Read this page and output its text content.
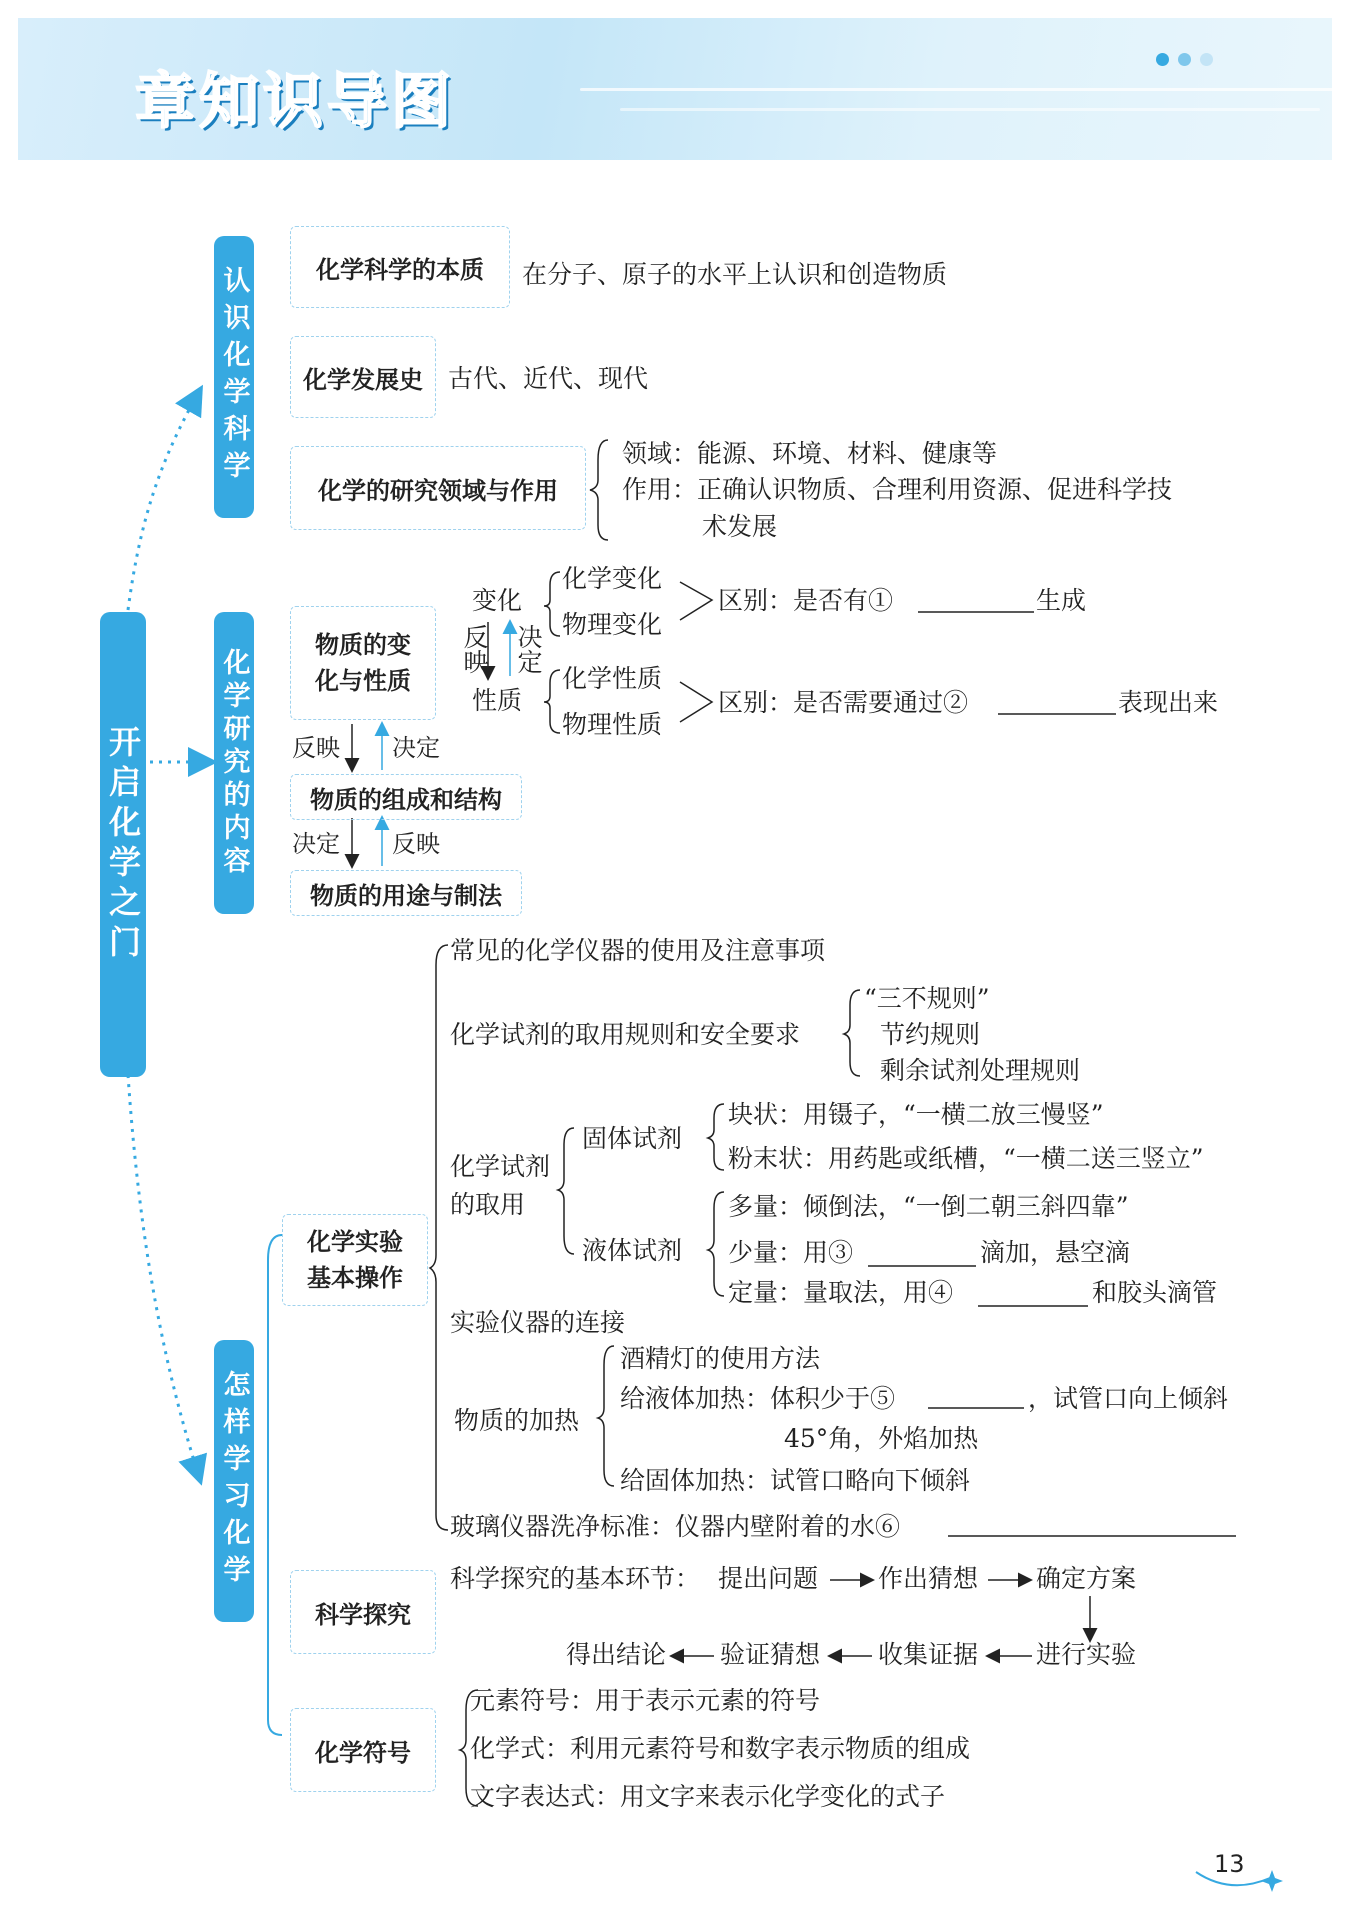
章知识导图
开启化学之门
认识化学科学	化学科学的本质 在分子、原子的水平上认识和创造物质
化学发展史 古代、近代、现代
化学的研究领域与作用
领域：能源、环境、材料、健康等
作用：正确认识物质、合理利用资源、促进科学技
术发展
化学研究的内容
物质的变化与性质
变化
反映 决定
性质
化学变化
物理变化
区别：是否有①	生成
化学性质
物理性质
区别：是否需要通过②	表现出来
反映 决定
物质的组成和结构
决定 反映
物质的用途与制法
怎样学习化学
化学实验基本操作
常见的化学仪器的使用及注意事项
化学试剂的取用规则和安全要求
“三不规则”
节约规则
剩余试剂处理规则
化学试剂的取用
固体试剂
块状：用镊子，“一横二放三慢竖”
粉末状：用药匙或纸槽，“一横二送三竖立”
液体试剂
多量：倾倒法，“一倒二朝三斜四靠”
少量：用③	滴加，悬空滴
定量：量取法，用④	和胶头滴管
实验仪器的连接
物质的加热
酒精灯的使用方法
给液体加热：体积少于⑤	，试管口向上倾斜
45°角，外焰加热
给固体加热：试管口略向下倾斜
玻璃仪器洗净标准：仪器内壁附着的水⑥
科学探究
科学探究的基本环节： 提出问题 作出猜想 确定方案
得出结论 验证猜想 收集证据 进行实验
化学符号
元素符号：用于表示元素的符号
化学式：利用元素符号和数字表示物质的组成
文字表达式：用文字来表示化学变化的式子
13
